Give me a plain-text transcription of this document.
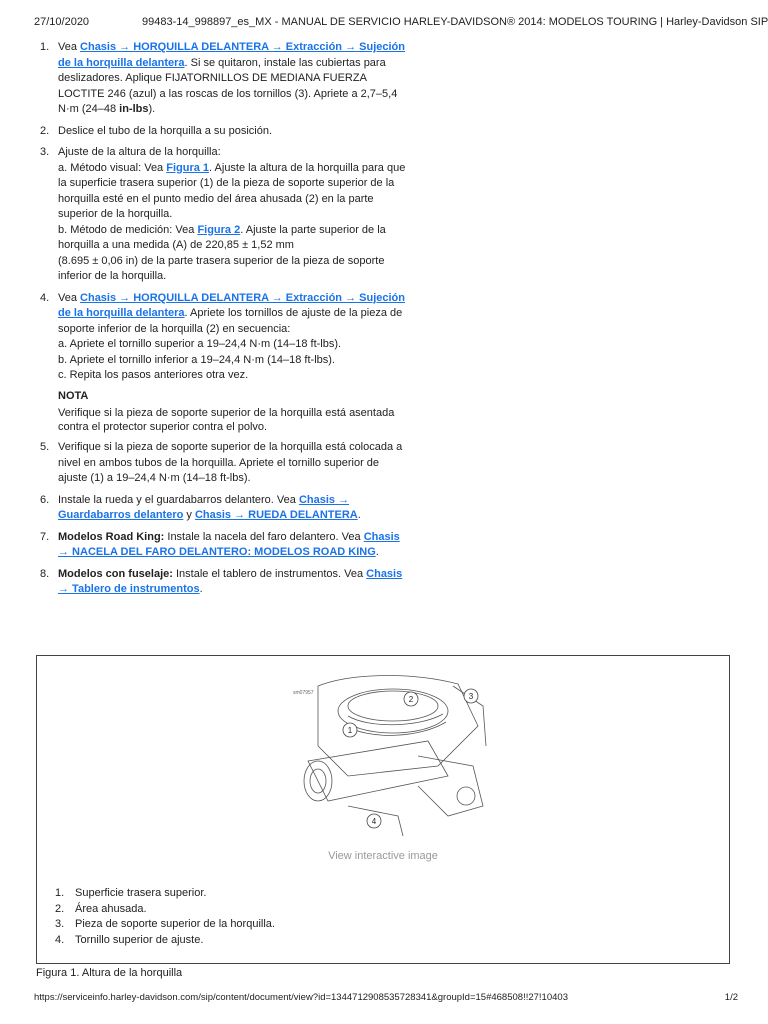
27/10/2020	99483-14_998897_es_MX - MANUAL DE SERVICIO HARLEY-DAVIDSON® 2014: MODELOS TOURING | Harley-Davidson SIP
1. Vea Chasis → HORQUILLA DELANTERA → Extracción → Sujeción de la horquilla delantera. Si se quitaron, instale las cubiertas para deslizadores. Aplique FIJATORNILLOS DE MEDIANA FUERZA LOCTITE 246 (azul) a las roscas de los tornillos (3). Apriete a 2,7–5,4 N·m (24–48 in-lbs).
2. Deslice el tubo de la horquilla a su posición.
3. Ajuste de la altura de la horquilla:
a. Método visual: Vea Figura 1. Ajuste la altura de la horquilla para que la superficie trasera superior (1) de la pieza de soporte superior de la horquilla esté en el punto medio del área ahusada (2) en la parte superior de la horquilla.
b. Método de medición: Vea Figura 2. Ajuste la parte superior de la horquilla a una medida (A) de 220,85 ± 1,52 mm
(8.695 ± 0,06 in) de la parte trasera superior de la pieza de soporte inferior de la horquilla.
4. Vea Chasis → HORQUILLA DELANTERA → Extracción → Sujeción de la horquilla delantera. Apriete los tornillos de ajuste de la pieza de soporte inferior de la horquilla (2) en secuencia:
a. Apriete el tornillo superior a 19–24,4 N·m (14–18 ft-lbs).
b. Apriete el tornillo inferior a 19–24,4 N·m (14–18 ft-lbs).
c. Repita los pasos anteriores otra vez.
NOTA
Verifique si la pieza de soporte superior de la horquilla está asentada contra el protector superior contra el polvo.
5. Verifique si la pieza de soporte superior de la horquilla está colocada a nivel en ambos tubos de la horquilla. Apriete el tornillo superior de ajuste (1) a 19–24,4 N·m (14–18 ft-lbs).
6. Instale la rueda y el guardabarros delantero. Vea Chasis → Guardabarros delantero y Chasis → RUEDA DELANTERA.
7. Modelos Road King: Instale la nacela del faro delantero. Vea Chasis → NACELA DEL FARO DELANTERO: MODELOS ROAD KING.
8. Modelos con fuselaje: Instale el tablero de instrumentos. Vea Chasis → Tablero de instrumentos.
sm07957
1
2	3
4
View interactive image
1. Superficie trasera superior.
2. Área ahusada.
3. Pieza de soporte superior de la horquilla.
4. Tornillo superior de ajuste.
Figura 1. Altura de la horquilla
https://serviceinfo.harley-davidson.com/sip/content/document/view?id=134471290853572834​1&groupId=15#468508!!27!10403	1/2
